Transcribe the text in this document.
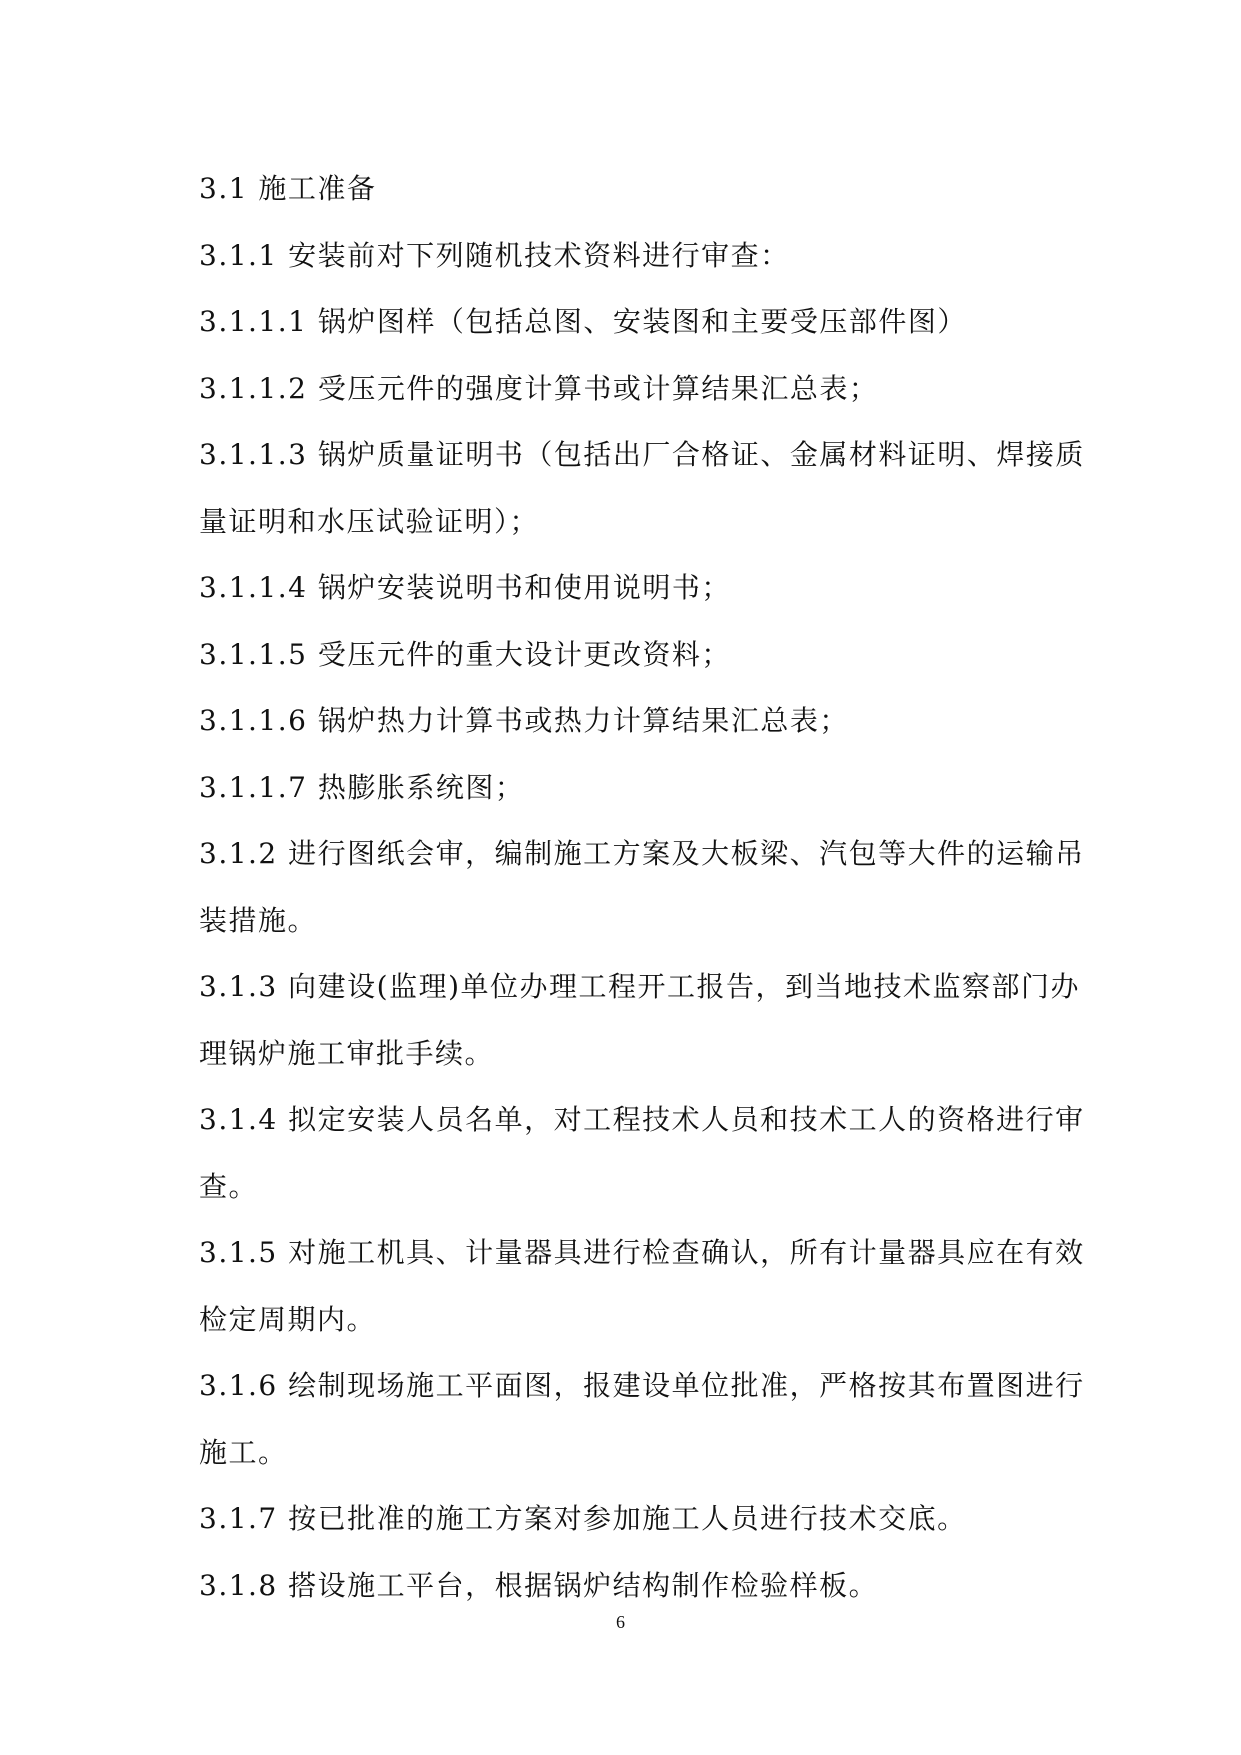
3.1 施工准备
3.1.1 安装前对下列随机技术资料进行审查：
3.1.1.1 锅炉图样（包括总图、安装图和主要受压部件图）
3.1.1.2 受压元件的强度计算书或计算结果汇总表；
3.1.1.3 锅炉质量证明书（包括出厂合格证、金属材料证明、焊接质
量证明和水压试验证明）；
3.1.1.4 锅炉安装说明书和使用说明书；
3.1.1.5 受压元件的重大设计更改资料；
3.1.1.6 锅炉热力计算书或热力计算结果汇总表；
3.1.1.7 热膨胀系统图；
3.1.2 进行图纸会审，编制施工方案及大板梁、汽包等大件的运输吊
装措施。
3.1.3 向建设(监理)单位办理工程开工报告，到当地技术监察部门办
理锅炉施工审批手续。
3.1.4 拟定安装人员名单，对工程技术人员和技术工人的资格进行审
查。
3.1.5 对施工机具、计量器具进行检查确认，所有计量器具应在有效
检定周期内。
3.1.6 绘制现场施工平面图，报建设单位批准，严格按其布置图进行
施工。
3.1.7 按已批准的施工方案对参加施工人员进行技术交底。
3.1.8 搭设施工平台，根据锅炉结构制作检验样板。
6
